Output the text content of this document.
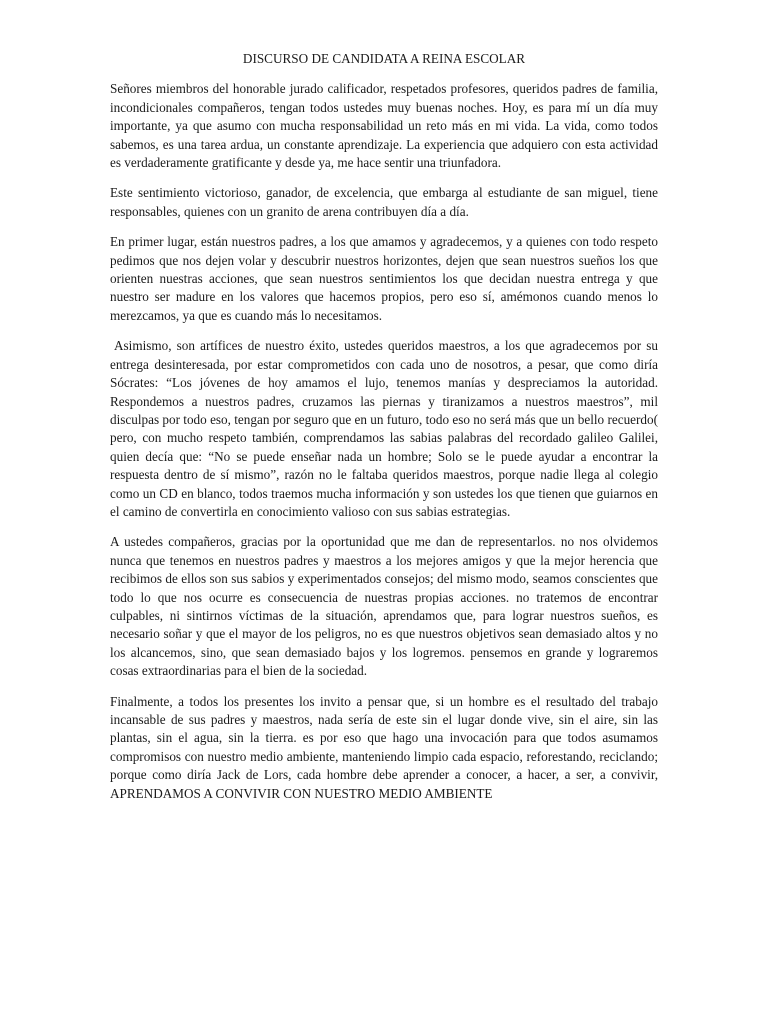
DISCURSO DE CANDIDATA A REINA ESCOLAR

Señores miembros del honorable jurado calificador, respetados profesores, queridos padres de familia, incondicionales compañeros, tengan todos ustedes muy buenas noches. Hoy, es para mí un día muy importante, ya que asumo con mucha responsabilidad un reto más en mi vida. La vida, como todos sabemos, es una tarea ardua, un constante aprendizaje. La experiencia que adquiero con esta actividad es verdaderamente gratificante y desde ya, me hace sentir una triunfadora.

Este sentimiento victorioso, ganador, de excelencia, que embarga al estudiante de san miguel, tiene responsables, quienes con un granito de arena contribuyen día a día.

En primer lugar, están nuestros padres, a los que amamos y agradecemos, y a quienes con todo respeto pedimos que nos dejen volar y descubrir nuestros horizontes, dejen que sean nuestros sueños los que orienten nuestras acciones, que sean nuestros sentimientos los que decidan nuestra entrega y que nuestro ser madure en los valores que hacemos propios, pero eso sí, amémonos cuando menos lo merezcamos, ya que es cuando más lo necesitamos.

Asimismo, son artífices de nuestro éxito, ustedes queridos maestros, a los que agradecemos por su entrega desinteresada, por estar comprometidos con cada uno de nosotros, a pesar, que como diría Sócrates: “Los jóvenes de hoy amamos el lujo, tenemos manías y despreciamos la autoridad. Respondemos a nuestros padres, cruzamos las piernas y tiranizamos a nuestros maestros”, mil disculpas por todo eso, tengan por seguro que en un futuro, todo eso no será más que un bello recuerdo( pero, con mucho respeto también, comprendamos las sabias palabras del recordado galileo Galilei, quien decía que: “No se puede enseñar nada un hombre; Solo se le puede ayudar a encontrar la respuesta dentro de sí mismo”, razón no le faltaba queridos maestros, porque nadie llega al colegio como un CD en blanco, todos traemos mucha información y son ustedes los que tienen que guiarnos en el camino de convertirla en conocimiento valioso con sus sabias estrategias.

A ustedes compañeros, gracias por la oportunidad que me dan de representarlos. no nos olvidemos nunca que tenemos en nuestros padres y maestros a los mejores amigos y que la mejor herencia que recibimos de ellos son sus sabios y experimentados consejos; del mismo modo, seamos conscientes que todo lo que nos ocurre es consecuencia de nuestras propias acciones. no tratemos de encontrar culpables, ni sintirnos víctimas de la situación, aprendamos que, para lograr nuestros sueños, es necesario soñar y que el mayor de los peligros, no es que nuestros objetivos sean demasiado altos y no los alcancemos, sino, que sean demasiado bajos y los logremos. pensemos en grande y lograremos cosas extraordinarias para el bien de la sociedad.

Finalmente, a todos los presentes los invito a pensar que, si un hombre es el resultado del trabajo incansable de sus padres y maestros, nada sería de este sin el lugar donde vive, sin el aire, sin las plantas, sin el agua, sin la tierra. es por eso que hago una invocación para que todos asumamos compromisos con nuestro medio ambiente, manteniendo limpio cada espacio, reforestando, reciclando; porque como diría Jack de Lors, cada hombre debe aprender a conocer, a hacer, a ser, a convivir, APRENDAMOS A CONVIVIR CON NUESTRO MEDIO AMBIENTE
